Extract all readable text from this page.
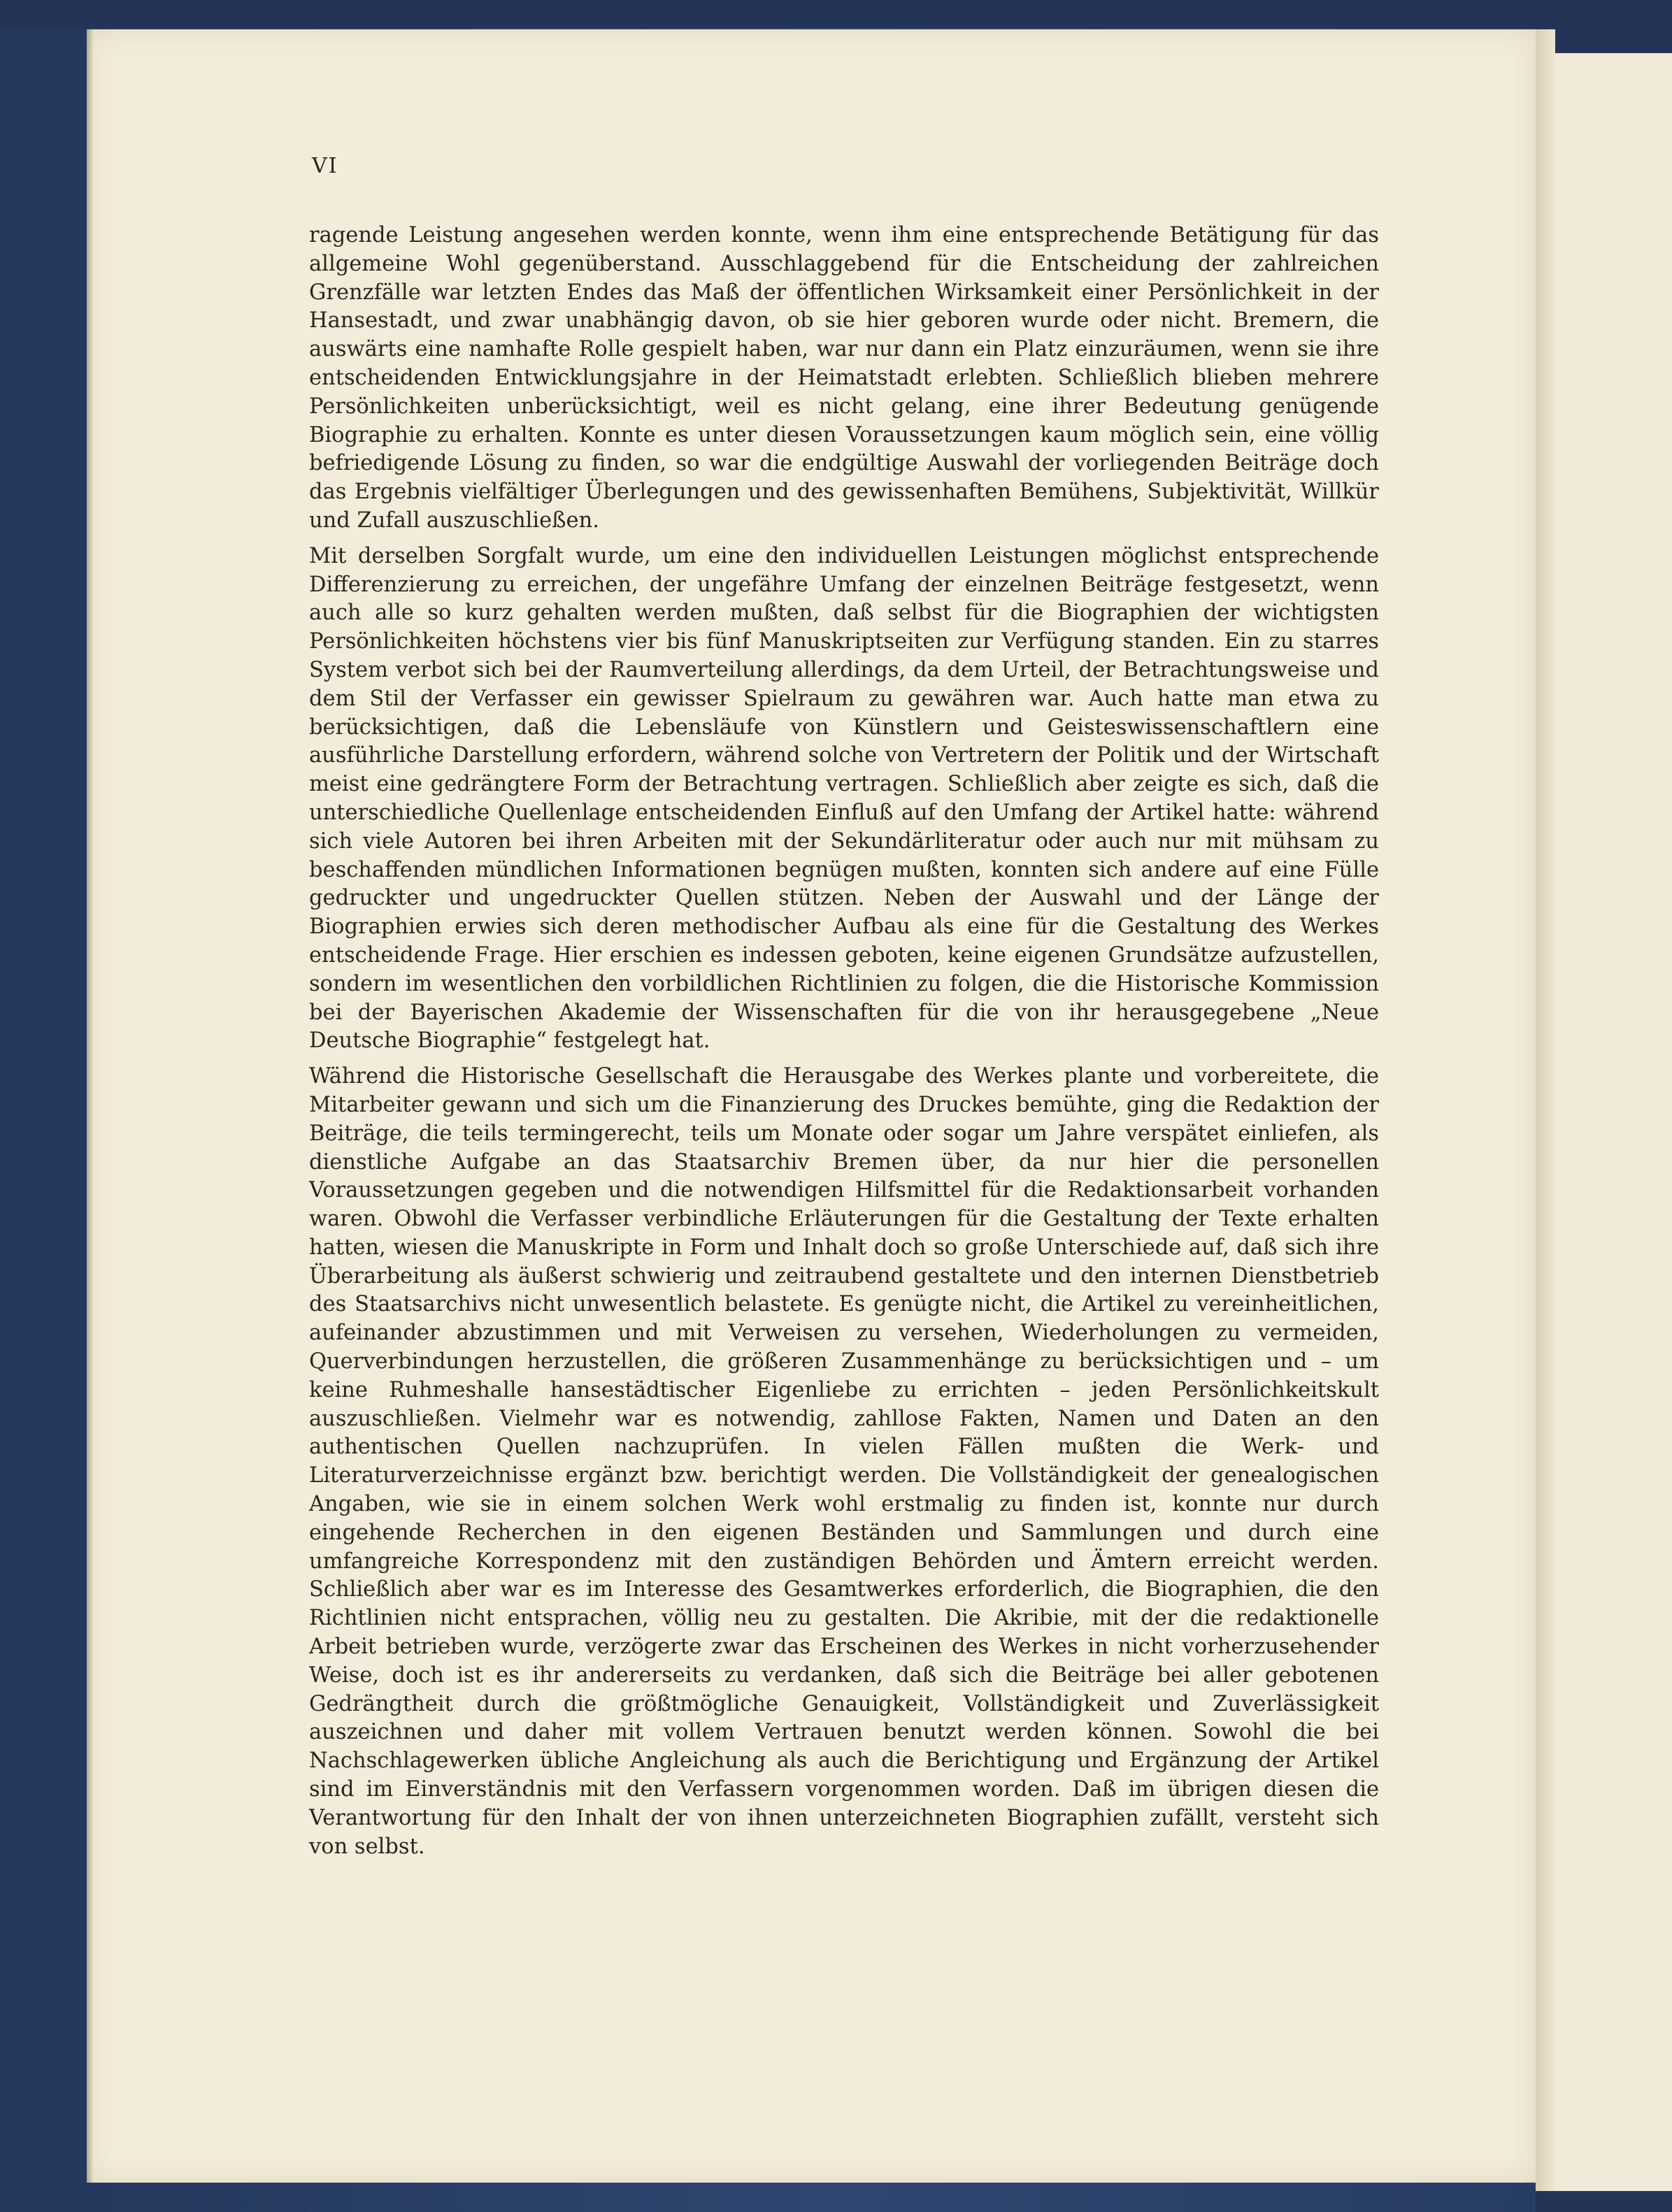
VI

ragende Leistung angesehen werden konnte, wenn ihm eine entsprechende Betätigung für das allgemeine Wohl gegenüberstand. Ausschlaggebend für die Entscheidung der zahlreichen Grenzfälle war letzten Endes das Maß der öffentlichen Wirksamkeit einer Persönlichkeit in der Hansestadt, und zwar unabhängig davon, ob sie hier geboren wurde oder nicht. Bremern, die auswärts eine namhafte Rolle gespielt haben, war nur dann ein Platz einzuräumen, wenn sie ihre entscheidenden Entwicklungsjahre in der Heimatstadt erlebten. Schließlich blieben mehrere Persönlichkeiten unberücksichtigt, weil es nicht gelang, eine ihrer Bedeutung genügende Biographie zu erhalten. Konnte es unter diesen Voraussetzungen kaum möglich sein, eine völlig befriedigende Lösung zu finden, so war die endgültige Auswahl der vorliegenden Beiträge doch das Ergebnis vielfältiger Überlegungen und des gewissenhaften Bemühens, Subjektivität, Willkür und Zufall auszuschließen.

Mit derselben Sorgfalt wurde, um eine den individuellen Leistungen möglichst entsprechende Differenzierung zu erreichen, der ungefähre Umfang der einzelnen Beiträge festgesetzt, wenn auch alle so kurz gehalten werden mußten, daß selbst für die Biographien der wichtigsten Persönlichkeiten höchstens vier bis fünf Manuskriptseiten zur Verfügung standen. Ein zu starres System verbot sich bei der Raumverteilung allerdings, da dem Urteil, der Betrachtungsweise und dem Stil der Verfasser ein gewisser Spielraum zu gewähren war. Auch hatte man etwa zu berücksichtigen, daß die Lebensläufe von Künstlern und Geisteswissenschaftlern eine ausführliche Darstellung erfordern, während solche von Vertretern der Politik und der Wirtschaft meist eine gedrängtere Form der Betrachtung vertragen. Schließlich aber zeigte es sich, daß die unterschiedliche Quellenlage entscheidenden Einfluß auf den Umfang der Artikel hatte: während sich viele Autoren bei ihren Arbeiten mit der Sekundärliteratur oder auch nur mit mühsam zu beschaffenden mündlichen Informationen begnügen mußten, konnten sich andere auf eine Fülle gedruckter und ungedruckter Quellen stützen. Neben der Auswahl und der Länge der Biographien erwies sich deren methodischer Aufbau als eine für die Gestaltung des Werkes entscheidende Frage. Hier erschien es indessen geboten, keine eigenen Grundsätze aufzustellen, sondern im wesentlichen den vorbildlichen Richtlinien zu folgen, die die Historische Kommission bei der Bayerischen Akademie der Wissenschaften für die von ihr herausgegebene „Neue Deutsche Biographie“ festgelegt hat.

Während die Historische Gesellschaft die Herausgabe des Werkes plante und vorbereitete, die Mitarbeiter gewann und sich um die Finanzierung des Druckes bemühte, ging die Redaktion der Beiträge, die teils termingerecht, teils um Monate oder sogar um Jahre verspätet einliefen, als dienstliche Aufgabe an das Staatsarchiv Bremen über, da nur hier die personellen Voraussetzungen gegeben und die notwendigen Hilfsmittel für die Redaktionsarbeit vorhanden waren. Obwohl die Verfasser verbindliche Erläuterungen für die Gestaltung der Texte erhalten hatten, wiesen die Manuskripte in Form und Inhalt doch so große Unterschiede auf, daß sich ihre Überarbeitung als äußerst schwierig und zeitraubend gestaltete und den internen Dienstbetrieb des Staatsarchivs nicht unwesentlich belastete. Es genügte nicht, die Artikel zu vereinheitlichen, aufeinander abzustimmen und mit Verweisen zu versehen, Wiederholungen zu vermeiden, Querverbindungen herzustellen, die größeren Zusammenhänge zu berücksichtigen und – um keine Ruhmeshalle hansestädtischer Eigenliebe zu errichten – jeden Persönlichkeitskult auszuschließen. Vielmehr war es notwendig, zahllose Fakten, Namen und Daten an den authentischen Quellen nachzuprüfen. In vielen Fällen mußten die Werk- und Literaturverzeichnisse ergänzt bzw. berichtigt werden. Die Vollständigkeit der genealogischen Angaben, wie sie in einem solchen Werk wohl erstmalig zu finden ist, konnte nur durch eingehende Recherchen in den eigenen Beständen und Sammlungen und durch eine umfangreiche Korrespondenz mit den zuständigen Behörden und Ämtern erreicht werden. Schließlich aber war es im Interesse des Gesamtwerkes erforderlich, die Biographien, die den Richtlinien nicht entsprachen, völlig neu zu gestalten. Die Akribie, mit der die redaktionelle Arbeit betrieben wurde, verzögerte zwar das Erscheinen des Werkes in nicht vorherzusehender Weise, doch ist es ihr andererseits zu verdanken, daß sich die Beiträge bei aller gebotenen Gedrängtheit durch die größtmögliche Genauigkeit, Vollständigkeit und Zuverlässigkeit auszeichnen und daher mit vollem Vertrauen benutzt werden können. Sowohl die bei Nachschlagewerken übliche Angleichung als auch die Berichtigung und Ergänzung der Artikel sind im Einverständnis mit den Verfassern vorgenommen worden. Daß im übrigen diesen die Verantwortung für den Inhalt der von ihnen unterzeichneten Biographien zufällt, versteht sich von selbst.
